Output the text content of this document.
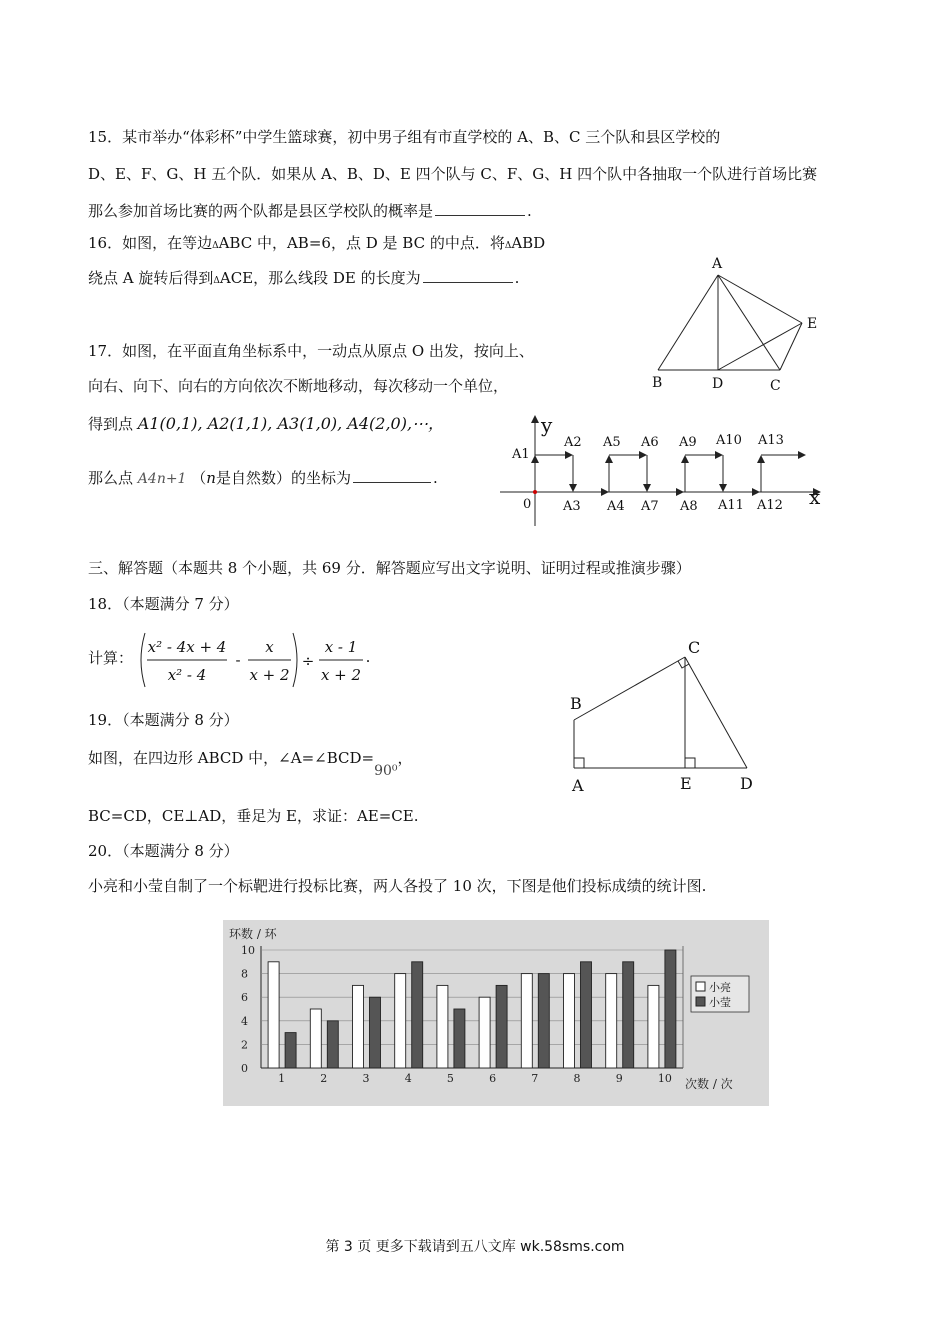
15．某市举办“体彩杯”中学生篮球赛，初中男子组有市直学校的 A、B、C 三个队和县区学校的
D、E、F、G、H 五个队．如果从 A、B、D、E 四个队与 C、F、G、H 四个队中各抽取一个队进行首场比赛
那么参加首场比赛的两个队都是县区学校队的概率是	.
16．如图，在等边ΔABC 中，AB=6，点 D 是 BC 的中点．将ΔABD
绕点 A 旋转后得到ΔACE，那么线段 DE 的长度为	.
A
B	D	C
E
17．如图，在平面直角坐标系中，一动点从原点 O 出发，按向上、
向右、向下、向右的方向依次不断地移动，每次移动一个单位，
得到点 A1(0,1), A2(1,1), A3(1,0), A4(2,0),⋯，
那么点 A4n+1 （n是自然数）的坐标为	.
y
x
0
A1
A2 A5 A6 A9 A10 A13
A3 A4 A7 A8 A11 A12
三、解答题（本题共 8 个小题，共 69 分．解答题应写出文字说明、证明过程或推演步骤）
18．（本题满分 7 分）
计算：
x² - 4x + 4
x² - 4
-
x
x + 2
÷
x - 1
x + 2
.
19．（本题满分 8 分）
如图，在四边形 ABCD 中，∠A=∠BCD=90⁰，
BC=CD，CE⊥AD，垂足为 E，求证：AE=CE.
C
B
A	E	D
20．（本题满分 8 分）
小亮和小莹自制了一个标靶进行投标比赛，两人各投了 10 次，下图是他们投标成绩的统计图.
环数 / 环
次数 / 次
0
2
4
6
8
10
1	2	3	4	5	6	7	8	9	10
小亮
小莹
第 3 页 更多下载请到五八文库 wk.58sms.com
